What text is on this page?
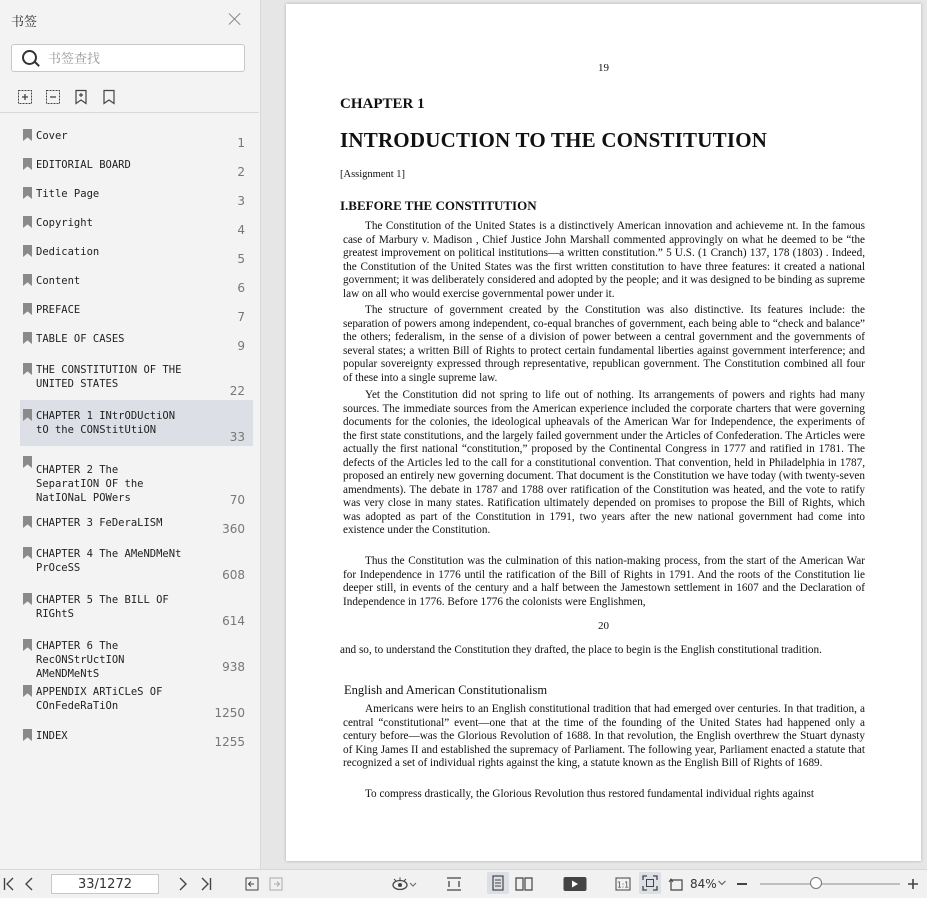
书签
书签查找
Cover	1
EDITORIAL BOARD	2
Title Page	3
Copyright	4
Dedication	5
Content	6
PREFACE	7
TABLE OF CASES	9
THE CONSTITUTION OF THE UNITED STATES	22
CHAPTER 1 INtrODUctiON tO the CONStitUtiON	33
CHAPTER 2 The SeparatION OF the NatIONaL POWers	70
CHAPTER 3 FeDeraLISM	360
CHAPTER 4 The AMeNDMeNt PrOceSS	608
CHAPTER 5 The BILL OF RIGhtS	614
CHAPTER 6 The RecONStrUctION AMeNDMeNtS	938
APPENDIX ARTiCLeS OF COnFedeRaTiOn	1250
INDEX	1255
19
CHAPTER 1
INTRODUCTION TO THE CONSTITUTION
[Assignment 1]
I.BEFORE THE CONSTITUTION
The Constitution of the United States is a distinctively American innovation and achieveme nt. In the famous case of Marbury v. Madison , Chief Justice John Marshall commented approvingly on what he deemed to be “the greatest improvement on political institutions—a written constitution.” 5 U.S. (1 Cranch) 137, 178 (1803) . Indeed, the Constitution of the United States was the first written constitution to have three features: it created a national government; it was deliberately considered and adopted by the people; and it was designed to be binding as supreme law on all who would exercise governmental power under it.
The structure of government created by the Constitution was also distinctive. Its features include: the separation of powers among independent, co-equal branches of government, each being able to “check and balance” the others; federalism, in the sense of a division of power between a central government and the governments of several states; a written Bill of Rights to protect certain fundamental liberties against government interference; and popular sovereignty expressed through representative, republican government. The Constitution combined all four of these into a single supreme law.
Yet the Constitution did not spring to life out of nothing. Its arrangements of powers and rights had many sources. The immediate sources from the American experience included the corporate charters that were governing documents for the colonies, the ideological upheavals of the American War for Independence, the experiments of the first state constitutions, and the largely failed government under the Articles of Confederation. The Articles were actually the first national “constitution,” proposed by the Continental Congress in 1777 and ratified in 1781. The defects of the Articles led to the call for a constitutional convention. That convention, held in Philadelphia in 1787, proposed an entirely new governing document. That document is the Constitution we have today (with twenty-seven amendments). The debate in 1787 and 1788 over ratification of the Constitution was heated, and the vote to ratify was very close in many states. Ratification ultimately depended on promises to propose the Bill of Rights, which was adopted as part of the Constitution in 1791, two years after the new national government had come into existence under the Constitution.
Thus the Constitution was the culmination of this nation-making process, from the start of the American War for Independence in 1776 until the ratification of the Bill of Rights in 1791. And the roots of the Constitution lie deeper still, in events of the century and a half between the Jamestown settlement in 1607 and the Declaration of Independence in 1776. Before 1776 the colonists were Englishmen,
20
and so, to understand the Constitution they drafted, the place to begin is the English constitutional tradition.
English and American Constitutionalism
Americans were heirs to an English constitutional tradition that had emerged over centuries. In that tradition, a central “constitutional” event—one that at the time of the founding of the United States had happened only a century before—was the Glorious Revolution of 1688. In that revolution, the English overthrew the Stuart dynasty of King James II and established the supremacy of Parliament. The following year, Parliament enacted a statute that recognized a set of individual rights against the king, a statute known as the English Bill of Rights of 1689.
To compress drastically, the Glorious Revolution thus restored fundamental individual rights against
33/1272
1:1	84%
